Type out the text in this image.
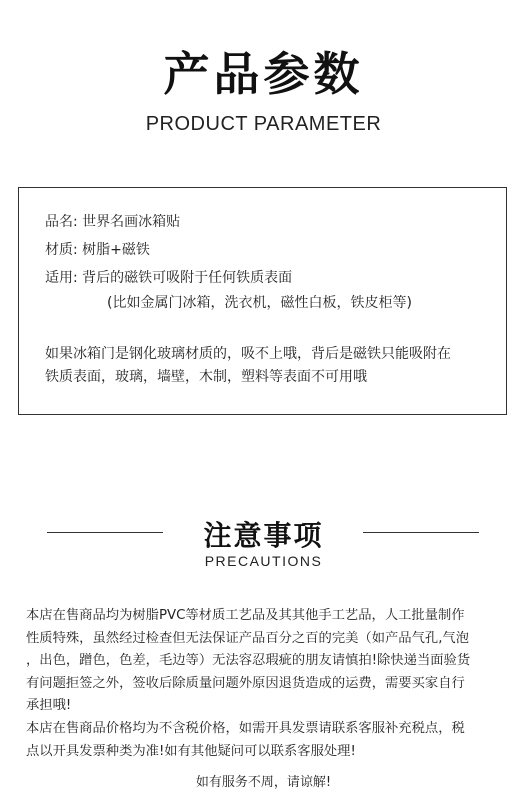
产品参数
PRODUCT PARAMETER
品名: 世界名画冰箱贴
材质: 树脂+磁铁
适用: 背后的磁铁可吸附于任何铁质表面
(比如金属门冰箱，洗衣机，磁性白板，铁皮柜等)
如果冰箱门是钢化玻璃材质的，吸不上哦，背后是磁铁只能吸附在
铁质表面，玻璃，墙壁，木制，塑料等表面不可用哦
注意事项
PRECAUTIONS
本店在售商品均为树脂PVC等材质工艺品及其其他手工艺品，人工批量制作
性质特殊，虽然经过检查但无法保证产品百分之百的完美（如产品气孔,气泡
，出色，蹭色，色差，毛边等）无法容忍瑕疵的朋友请慎拍!除快递当面验货
有问题拒签之外，签收后除质量问题外原因退货造成的运费，需要买家自行
承担哦!
本店在售商品价格均为不含税价格，如需开具发票请联系客服补充税点，税
点以开具发票种类为准!如有其他疑问可以联系客服处理!
如有服务不周，请谅解!
